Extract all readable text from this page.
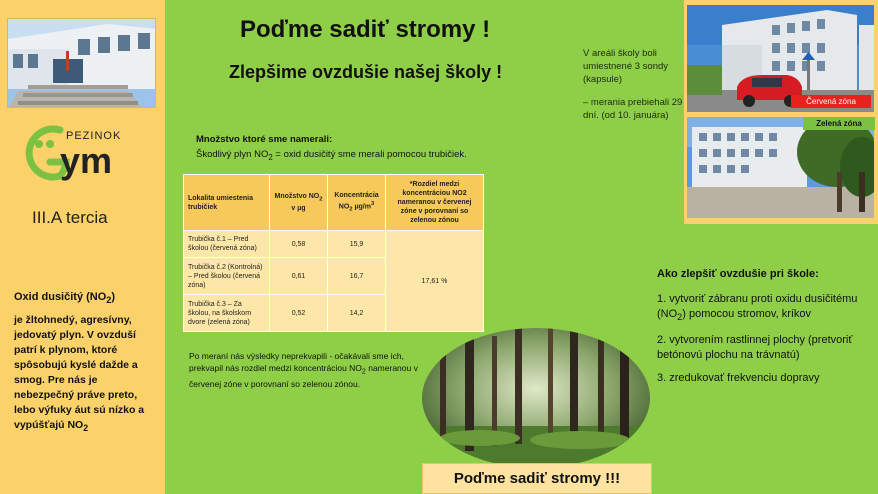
PEZINOK
ym
III.A tercia
Oxid dusičitý $(NO_2)$
je žltohnedý, agresívny, jedovatý plyn. V ovzduší patrí k plynom, ktoré spôsobujú kyslé dažde a smog. Pre nás je nebezpečný práve preto, lebo výfuky áut sú nízko a vypúšťajú $NO_2$
Poďme sadiť stromy !
Zlepšime ovzdušie našej školy !
Množstvo ktoré sme namerali:
Škodlivý plyn $NO_2$ = oxid dusičitý sme merali pomocou trubičiek.
Lokalita umiestenia trubičiek	Množstvo $NO_2$ v µg	Koncentrácia $NO_2$ $\mu g/m^3$	*Rozdiel medzi koncentráciou NO2 nameranou v červenej zóne v porovnaní so zelenou zónou
Trubička č.1 – Pred školou (červená zóna)	0,58	15,9	17,61 %
Trubička č.2 (Kontrolná) – Pred školou (červená zóna)	0,61	16,7	
Trubička č.3 – Za školou, na školskom dvore (zelená zóna)	0,52	14,2	
Po meraní nás výsledky neprekvapili - očakávali sme ich, prekvapil nás rozdiel medzi koncentráciou $NO_2$ nameranou v červenej zóne v porovnaní so zelenou zónou.
Poďme sadiť stromy !!!

V areáli školy boli umiestnené 3 sondy (kapsule)

– merania prebiehali 29 dní. (od 10. januára)

Červená zóna
Zelená zóna
Ako zlepšiť ovzdušie pri škole:
1. vytvoriť zábranu proti oxidu dusičitému $(NO_2)$ pomocou stromov, kríkov
2. vytvorením rastlinnej plochy (pretvoriť betónovú plochu na trávnatú)
3. zredukovať frekvenciu dopravy
